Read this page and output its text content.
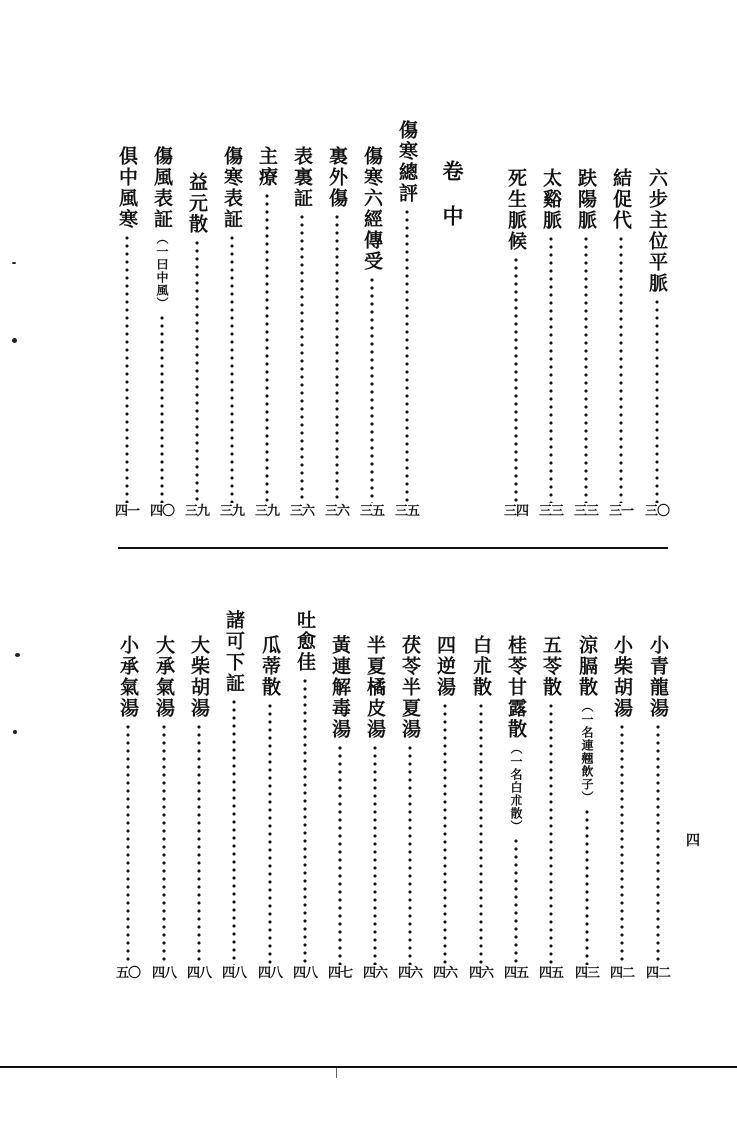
卷中	六步主位平脈
三〇
結促代
三一
趺陽脈
三三
太谿脈
三三
死生脈候
三四
傷寒總評
三五
傷寒六經傳受
三五
裏外傷
三六
表裏証
三六
主療
三九
傷寒表証
三九
益元散
三九
傷風表証
（一曰中風）
四〇
俱中風寒
四一
小青龍湯
四二
小柴胡湯
四二
涼膈散
（一名連翹飲子）
四三
五苓散
四五
桂苓甘露散
（一名白朮散）
四五
白朮散
四六
四逆湯
四六
茯苓半夏湯
四六
半夏橘皮湯
四六
黃連解毒湯
四七
吐愈佳
四八
瓜蒂散
四八
諸可下証
四八
大柴胡湯
四八
大承氣湯
四八
小承氣湯
五〇
四
